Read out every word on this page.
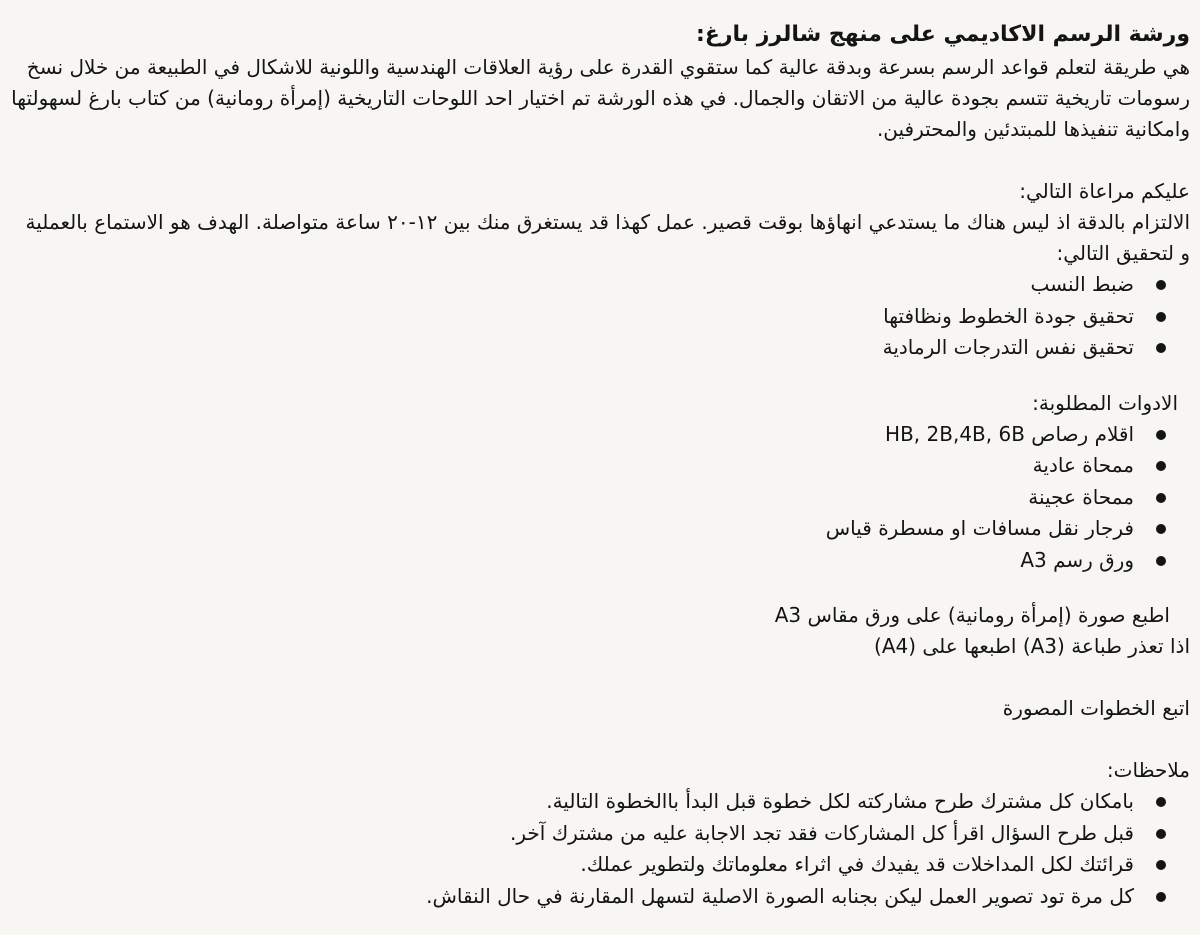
ورشة الرسم الاكاديمي على منهج شالرز بارغ:

هي طريقة لتعلم قواعد الرسم بسرعة وبدقة عالية كما ستقوي القدرة على رؤية العلاقات الهندسية واللونية للاشكال في الطبيعة من خلال نسخ رسومات تاريخية تتسم بجودة عالية من الاتقان والجمال. في هذه الورشة تم اختيار احد اللوحات التاريخية (إمرأة رومانية) من كتاب بارغ لسهولتها وامكانية تنفيذها للمبتدئين والمحترفين.

عليكم مراعاة التالي:

الالتزام بالدقة اذ ليس هناك ما يستدعي انهاؤها بوقت قصير. عمل كهذا قد يستغرق منك بين ١٢-٢٠ ساعة متواصلة. الهدف هو الاستماع بالعملية و لتحقيق التالي:

ضبط النسب
تحقيق جودة الخطوط ونظافتها
تحقيق نفس التدرجات الرمادية

الادوات المطلوبة:

اقلام رصاص HB, 2B,4B, 6B
ممحاة عادية
ممحاة عجينة
فرجار نقل مسافات او مسطرة قياس
ورق رسم A3

اطبع صورة (إمرأة رومانية) على ورق مقاس A3

اذا تعذر طباعة (A3) اطبعها على (A4)

اتبع الخطوات المصورة

ملاحظات:

بامكان كل مشترك طرح مشاركته لكل خطوة قبل البدأ باالخطوة التالية.
قبل طرح السؤال اقرأ كل المشاركات فقد تجد الاجابة عليه من مشترك آخر.
قرائتك لكل المداخلات قد يفيدك في اثراء معلوماتك ولتطوير عملك.
كل مرة تود تصوير العمل ليكن بجنابه الصورة الاصلية لتسهل المقارنة في حال النقاش.
